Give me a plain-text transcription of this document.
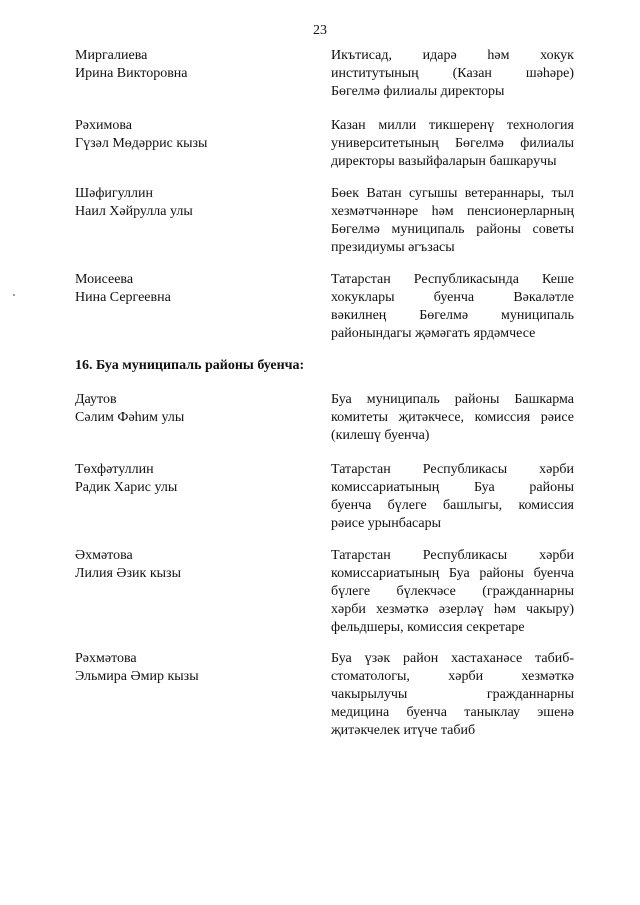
23
Миргалиева
Ирина Викторовна
Икътисад, идарә һәм хокук
институтының (Казан шәһәре)
Бөгелмә филиалы директоры
Рәхимова
Гүзәл Мөдәррис кызы
Казан милли тикшеренү технология
университетының Бөгелмә филиалы
директоры вазыйфаларын башкаручы
Шәфигуллин
Наил Хәйрулла улы
Бөек Ватан сугышы ветераннары, тыл
хезмәтчәннәре һәм пенсионерларның
Бөгелмә муниципаль районы советы
президиумы әгъзасы
Моисеева
Нина Сергеевна
Татарстан Республикасында Кеше
хокуклары буенча Вәкаләтле
вәкилнең Бөгелмә муниципаль
районындагы җәмәгать ярдәмчесе
16. Буа муниципаль районы буенча:
Даутов
Сәлим Фәһим улы
Буа муниципаль районы Башкарма
комитеты җитәкчесе, комиссия рәисе
(килешү буенча)
Төхфәтуллин
Радик Харис улы
Татарстан Республикасы хәрби
комиссариатының Буа районы
буенча бүлеге башлыгы, комиссия
рәисе урынбасары
Әхмәтова
Лилия Әзик кызы
Татарстан Республикасы хәрби
комиссариатының Буа районы буенча
бүлеге бүлекчәсе (гражданнарны
хәрби хезмәткә әзерләү һәм чакыру)
фельдшеры, комиссия секретаре
Рәхмәтова
Эльмира Әмир кызы
Буа үзәк район хастаханәсе табиб-
стоматологы, хәрби хезмәткә
чакырылучы гражданнарны
медицина буенча таныклау эшенә
җитәкчелек итүче табиб
